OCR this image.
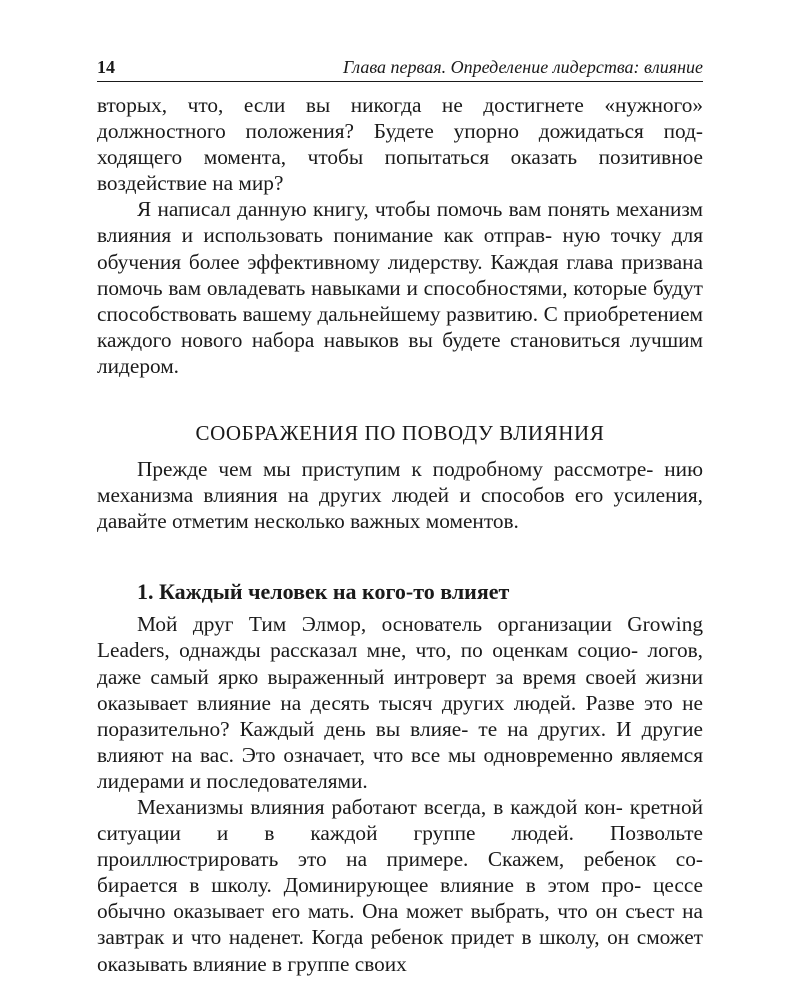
14	Глава первая. Определение лидерства: влияние

вторых, что, если вы никогда не достигнете «нужного» должностного положения? Будете упорно дожидаться под- ходящего момента, чтобы попытаться оказать позитивное воздействие на мир?

Я написал данную книгу, чтобы помочь вам понять механизм влияния и использовать понимание как отправ- ную точку для обучения более эффективному лидерству. Каждая глава призвана помочь вам овладевать навыками и способностями, которые будут способствовать вашему дальнейшему развитию. С приобретением каждого нового набора навыков вы будете становиться лучшим лидером.

СООБРАЖЕНИЯ ПО ПОВОДУ ВЛИЯНИЯ

Прежде чем мы приступим к подробному рассмотре- нию механизма влияния на других людей и способов его усиления, давайте отметим несколько важных моментов.

1. Каждый человек на кого-то влияет

Мой друг Тим Элмор, основатель организации Growing Leaders, однажды рассказал мне, что, по оценкам социо- логов, даже самый ярко выраженный интроверт за время своей жизни оказывает влияние на десять тысяч других людей. Разве это не поразительно? Каждый день вы влияе- те на других. И другие влияют на вас. Это означает, что все мы одновременно являемся лидерами и последователями.

Механизмы влияния работают всегда, в каждой кон- кретной ситуации и в каждой группе людей. Позвольте проиллюстрировать это на примере. Скажем, ребенок со- бирается в школу. Доминирующее влияние в этом про- цессе обычно оказывает его мать. Она может выбрать, что он съест на завтрак и что наденет. Когда ребенок придет в школу, он сможет оказывать влияние в группе своих
